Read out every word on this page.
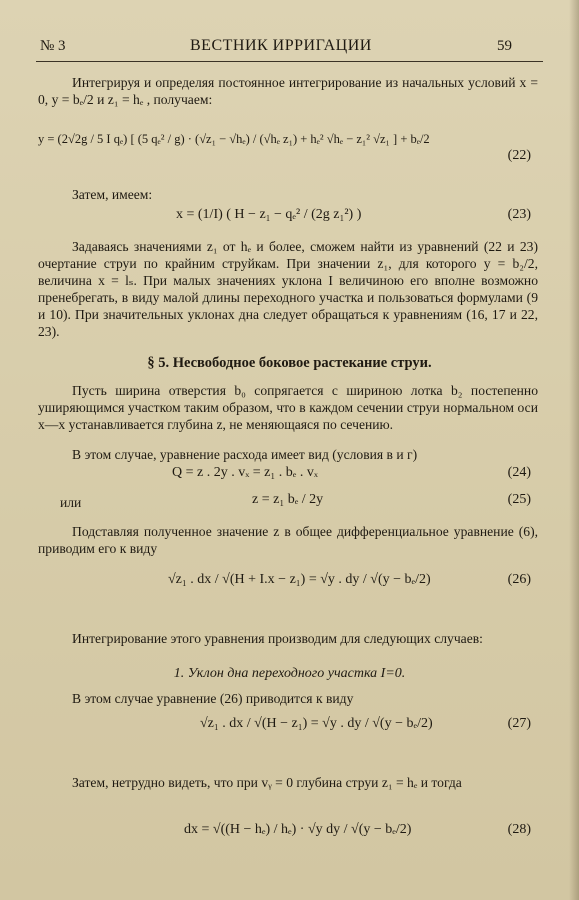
№ 3	ВЕСТНИК ИРРИГАЦИИ	59
Интегрируя и определяя постоянное интегрирование из начальных условий x = 0, y = bₑ/2 и z₁ = hₑ , получаем:
y = (2√2g / 5 I qₑ) [ (5 qₑ² / g) · (√z₁ − √hₑ) / (√hₑ z₁) + hₑ² √hₑ − z₁² √z₁ ] + bₑ/2
(22)
Затем, имеем:
x = (1/I) ( H − z₁ − qₑ² / (2g z₁²) )	(23)
Задаваясь значениями z₁ от hₑ и более, сможем найти из уравнений (22 и 23) очертание струи по крайним струйкам. При значении z₁, для которого y = b₂/2, величина x = lₛ. При малых значениях уклона I величиною его вполне возможно пренебрегать, в виду малой длины переходного участка и пользоваться формулами (9 и 10). При значительных уклонах дна следует обращаться к уравнениям (16, 17 и 22, 23).
§ 5. Несвободное боковое растекание струи.
Пусть ширина отверстия b₀ сопрягается с шириною лотка b₂ постепенно уширяющимся участком таким образом, что в каждом сечении струи нормальном оси x—x устанавливается глубина z, не меняющаяся по сечению.
В этом случае, уравнение расхода имеет вид (условия в и г)
Q = z . 2y . vₓ = z₁ . bₑ . vₓ	(24)
или	z = z₁ bₑ / 2y	(25)
Подставляя полученное значение z в общее дифференциальное уравнение (6), приводим его к виду
√z₁ . dx / √(H + I.x − z₁) = √y . dy / √(y − bₑ/2)	(26)
Интегрирование этого уравнения производим для следующих случаев:
1. Уклон дна переходного участка I=0.
В этом случае уравнение (26) приводится к виду
√z₁ . dx / √(H − z₁) = √y . dy / √(y − bₑ/2)	(27)
Затем, нетрудно видеть, что при vᵧ = 0 глубина струи z₁ = hₑ и тогда
dx = √((H − hₑ) / hₑ) · √y dy / √(y − bₑ/2)	(28)
